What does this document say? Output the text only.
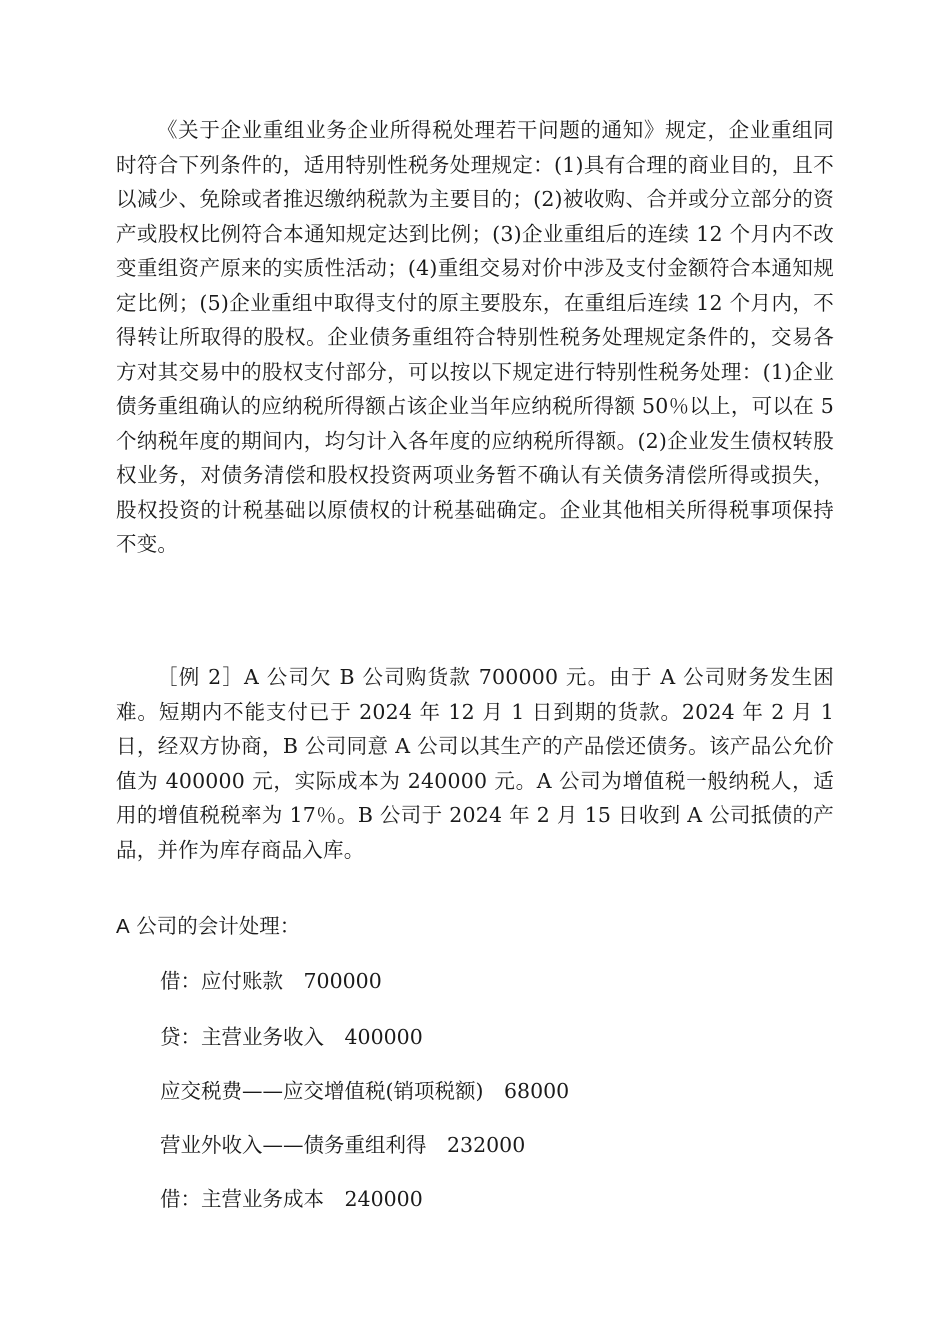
《关于企业重组业务企业所得税处理若干问题的通知》规定，企业重组同时符合下列条件的，适用特别性税务处理规定：(1)具有合理的商业目的，且不以减少、免除或者推迟缴纳税款为主要目的；(2)被收购、合并或分立部分的资产或股权比例符合本通知规定达到比例；(3)企业重组后的连续 12 个月内不改变重组资产原来的实质性活动；(4)重组交易对价中涉及支付金额符合本通知规定比例；(5)企业重组中取得支付的原主要股东，在重组后连续 12 个月内，不得转让所取得的股权。企业债务重组符合特别性税务处理规定条件的，交易各方对其交易中的股权支付部分，可以按以下规定进行特别性税务处理：(1)企业债务重组确认的应纳税所得额占该企业当年应纳税所得额 50％以上，可以在 5 个纳税年度的期间内，均匀计入各年度的应纳税所得额。(2)企业发生债权转股权业务，对债务清偿和股权投资两项业务暂不确认有关债务清偿所得或损失，股权投资的计税基础以原债权的计税基础确定。企业其他相关所得税事项保持不变。

［例 2］A 公司欠 B 公司购货款 700000 元。由于 A 公司财务发生困难。短期内不能支付已于 2024 年 12 月 1 日到期的货款。2024 年 2 月 1 日，经双方协商，B 公司同意 A 公司以其生产的产品偿还债务。该产品公允价值为 400000 元，实际成本为 240000 元。A 公司为增值税一般纳税人，适用的增值税税率为 17％。B 公司于 2024 年 2 月 15 日收到 A 公司抵债的产品，并作为库存商品入库。

A 公司的会计处理：

借：应付账款　700000

贷：主营业务收入　400000

应交税费——应交增值税(销项税额)　68000

营业外收入——债务重组利得　232000

借：主营业务成本　240000
